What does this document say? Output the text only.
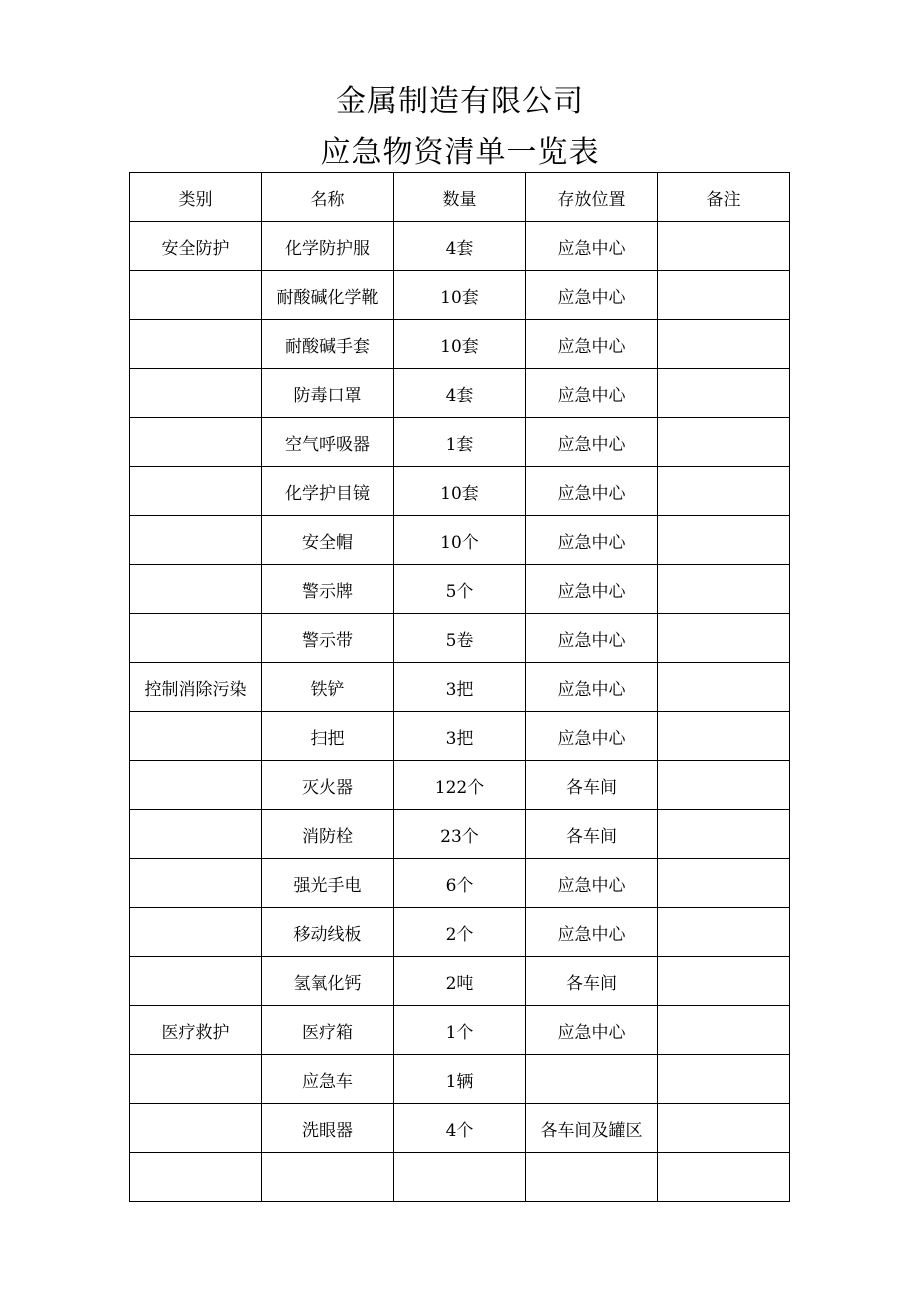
金属制造有限公司
应急物资清单一览表
类别	名称	数量	存放位置	备注
安全防护	化学防护服	4套	应急中心	
	耐酸碱化学靴	10套	应急中心	
	耐酸碱手套	10套	应急中心	
	防毒口罩	4套	应急中心	
	空气呼吸器	1套	应急中心	
	化学护目镜	10套	应急中心	
	安全帽	10个	应急中心	
	警示牌	5个	应急中心	
	警示带	5卷	应急中心	
控制消除污染	铁铲	3把	应急中心	
	扫把	3把	应急中心	
	灭火器	122个	各车间	
	消防栓	23个	各车间	
	强光手电	6个	应急中心	
	移动线板	2个	应急中心	
	氢氧化钙	2吨	各车间	
医疗救护	医疗箱	1个	应急中心	
	应急车	1辆		
	洗眼器	4个	各车间及罐区	
